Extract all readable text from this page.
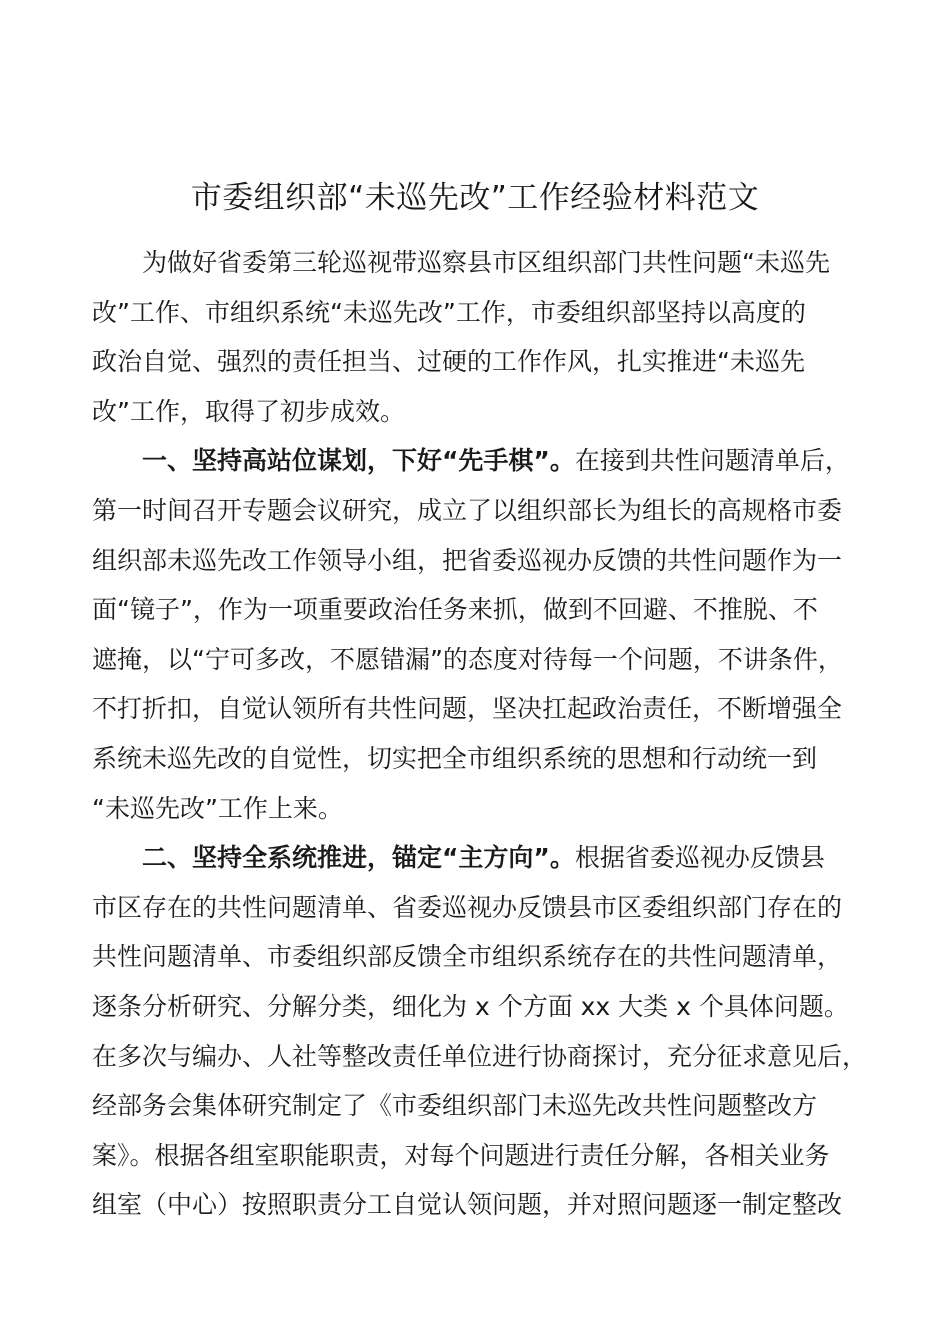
市委组织部“未巡先改”工作经验材料范文

为做好省委第三轮巡视带巡察县市区组织部门共性问题“未巡先
改”工作、市组织系统“未巡先改”工作，市委组织部坚持以高度的
政治自觉、强烈的责任担当、过硬的工作作风，扎实推进“未巡先
改”工作，取得了初步成效。

一、坚持高站位谋划，下好“先手棋”。在接到共性问题清单后，
第一时间召开专题会议研究，成立了以组织部长为组长的高规格市委
组织部未巡先改工作领导小组，把省委巡视办反馈的共性问题作为一
面“镜子”，作为一项重要政治任务来抓，做到不回避、不推脱、不
遮掩，以“宁可多改，不愿错漏”的态度对待每一个问题，不讲条件，
不打折扣，自觉认领所有共性问题，坚决扛起政治责任，不断增强全
系统未巡先改的自觉性，切实把全市组织系统的思想和行动统一到
“未巡先改”工作上来。

二、坚持全系统推进，锚定“主方向”。根据省委巡视办反馈县
市区存在的共性问题清单、省委巡视办反馈县市区委组织部门存在的
共性问题清单、市委组织部反馈全市组织系统存在的共性问题清单，
逐条分析研究、分解分类，细化为 x 个方面 xx 大类 x 个具体问题。
在多次与编办、人社等整改责任单位进行协商探讨，充分征求意见后，
经部务会集体研究制定了《市委组织部门未巡先改共性问题整改方
案》。根据各组室职能职责，对每个问题进行责任分解，各相关业务
组室（中心）按照职责分工自觉认领问题，并对照问题逐一制定整改
